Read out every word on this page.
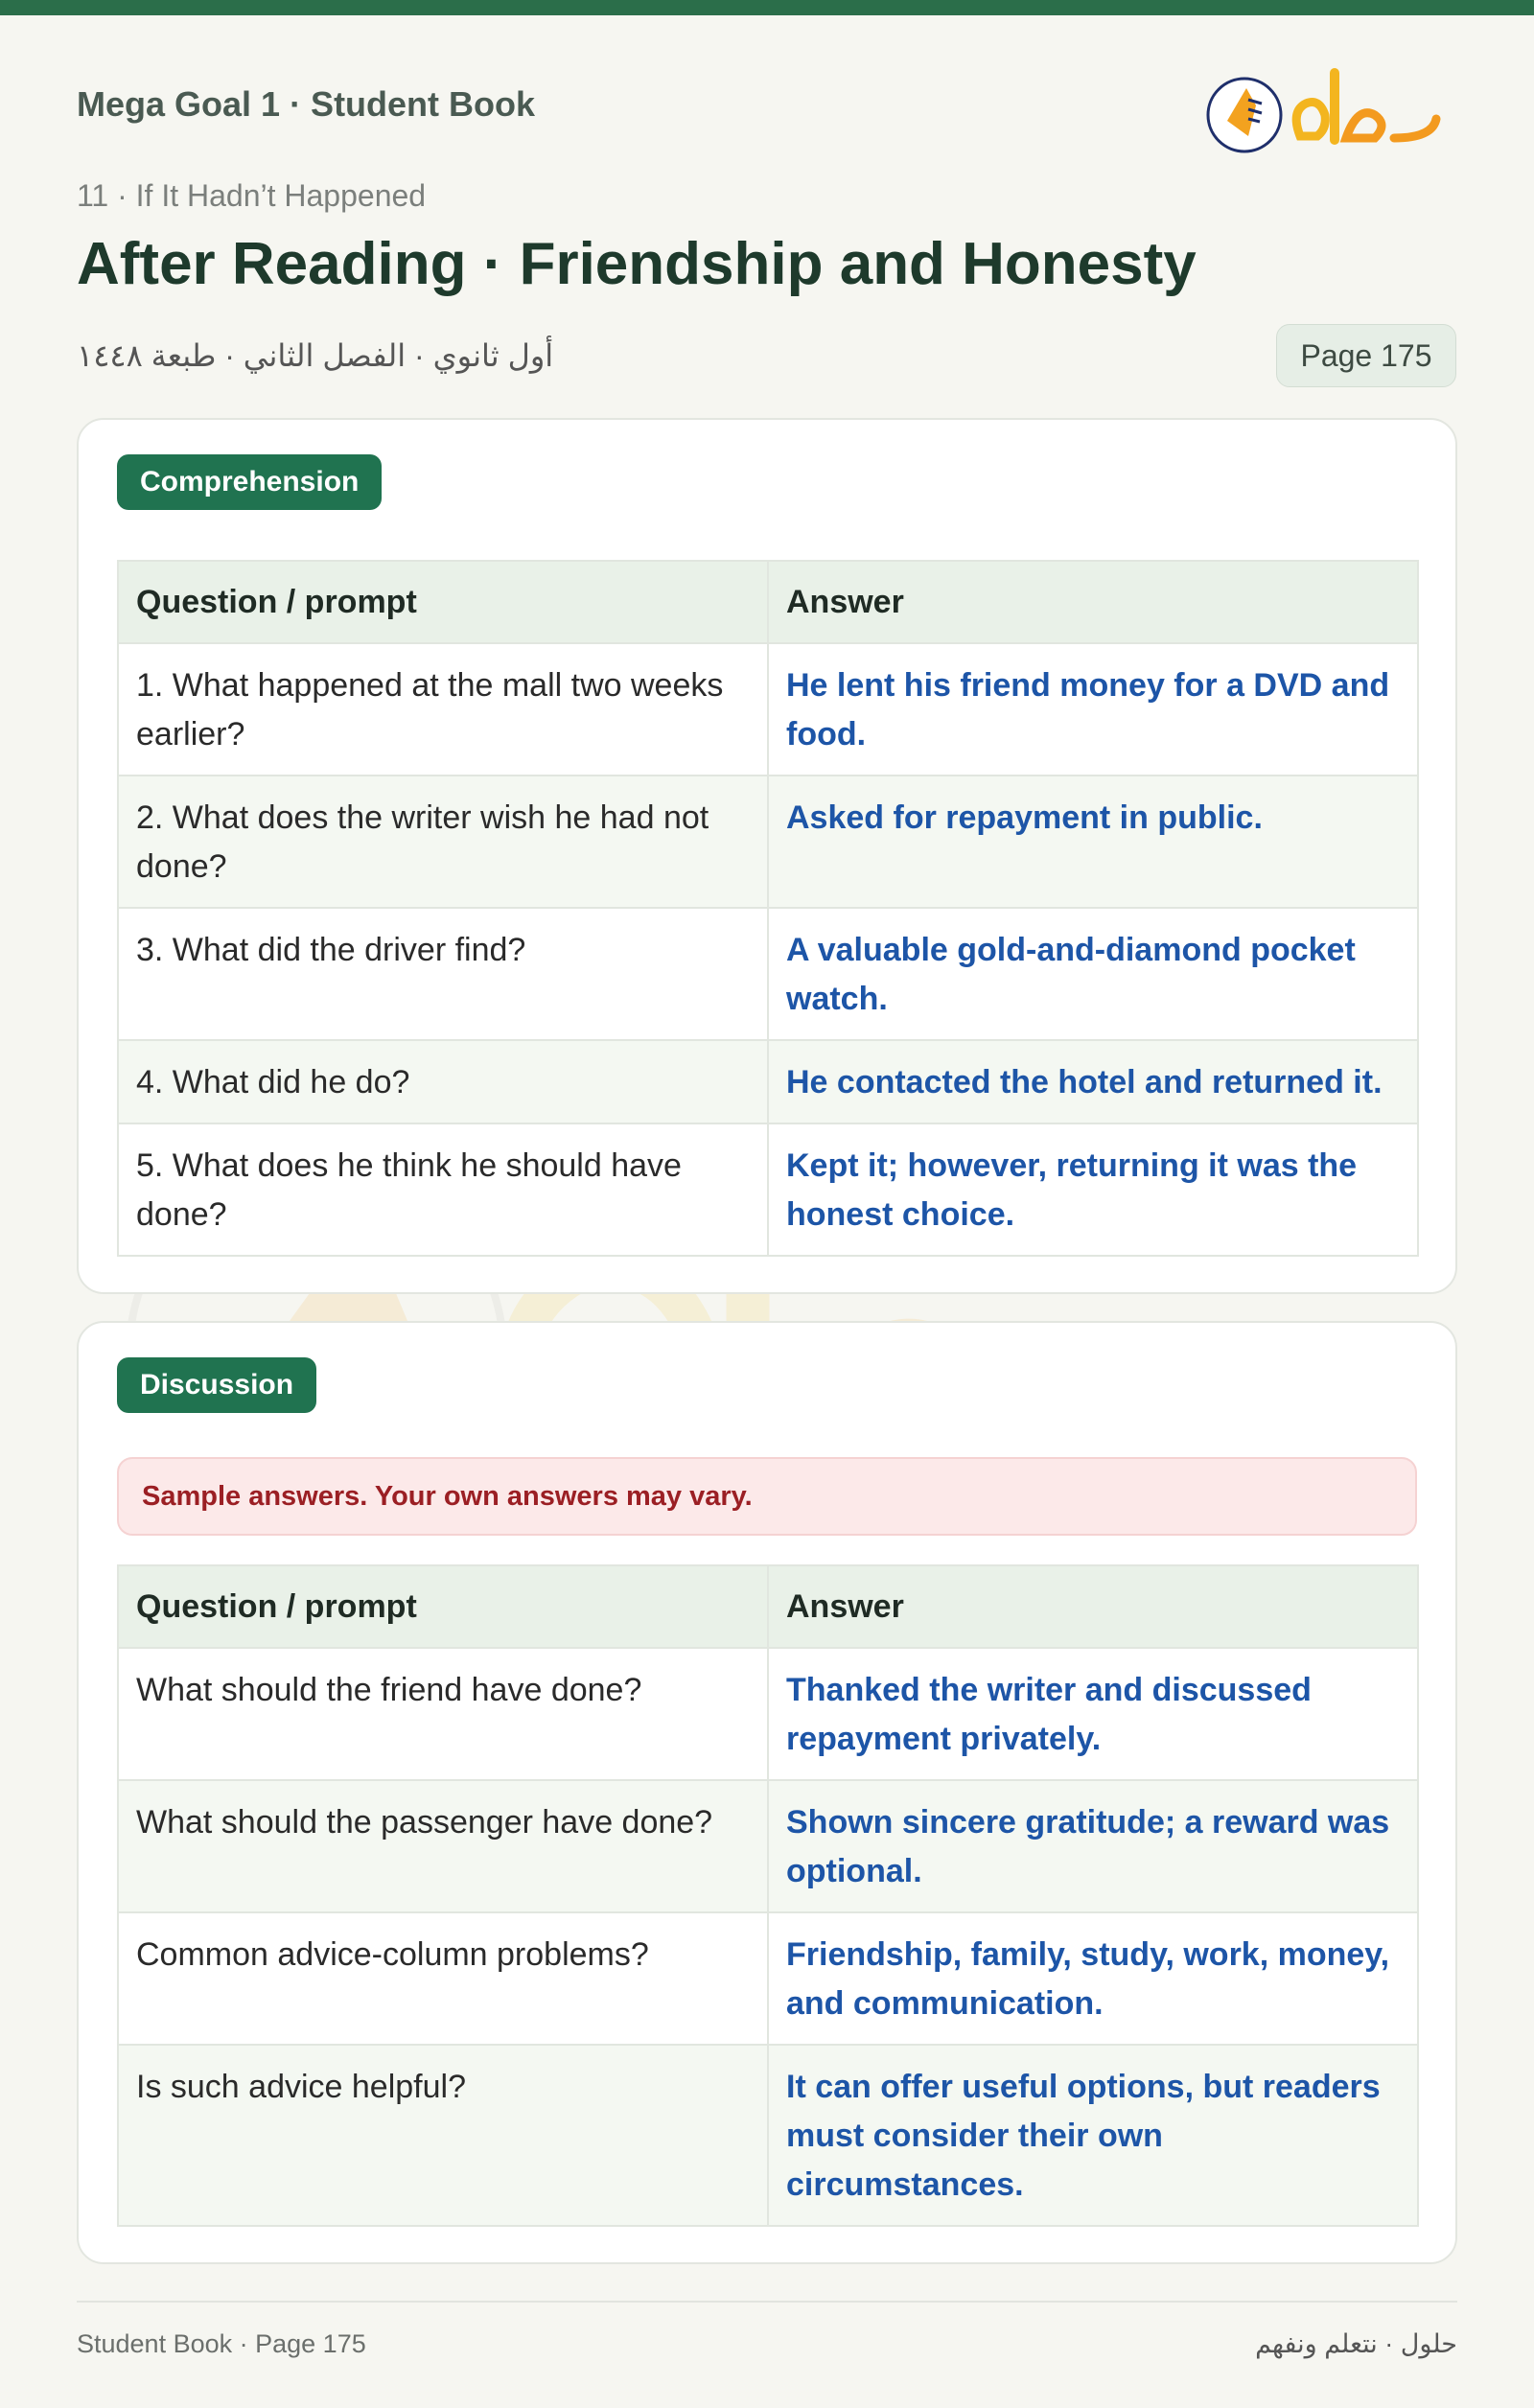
Mega Goal 1 · Student Book
11 · If It Hadn’t Happened
After Reading · Friendship and Honesty
أول ثانوي · الفصل الثاني · طبعة ١٤٤٨	Page 175
Comprehension
Question / prompt	Answer
1. What happened at the mall two weeks earlier?	He lent his friend money for a DVD and food.
2. What does the writer wish he had not done?	Asked for repayment in public.
3. What did the driver find?	A valuable gold-and-diamond pocket watch.
4. What did he do?	He contacted the hotel and returned it.
5. What does he think he should have done?	Kept it; however, returning it was the honest choice.
Discussion
Sample answers. Your own answers may vary.
Question / prompt	Answer
What should the friend have done?	Thanked the writer and discussed repayment privately.
What should the passenger have done?	Shown sincere gratitude; a reward was optional.
Common advice-column problems?	Friendship, family, study, work, money, and communication.
Is such advice helpful?	It can offer useful options, but readers must consider their own circumstances.
Student Book · Page 175	حلول · نتعلم ونفهم
